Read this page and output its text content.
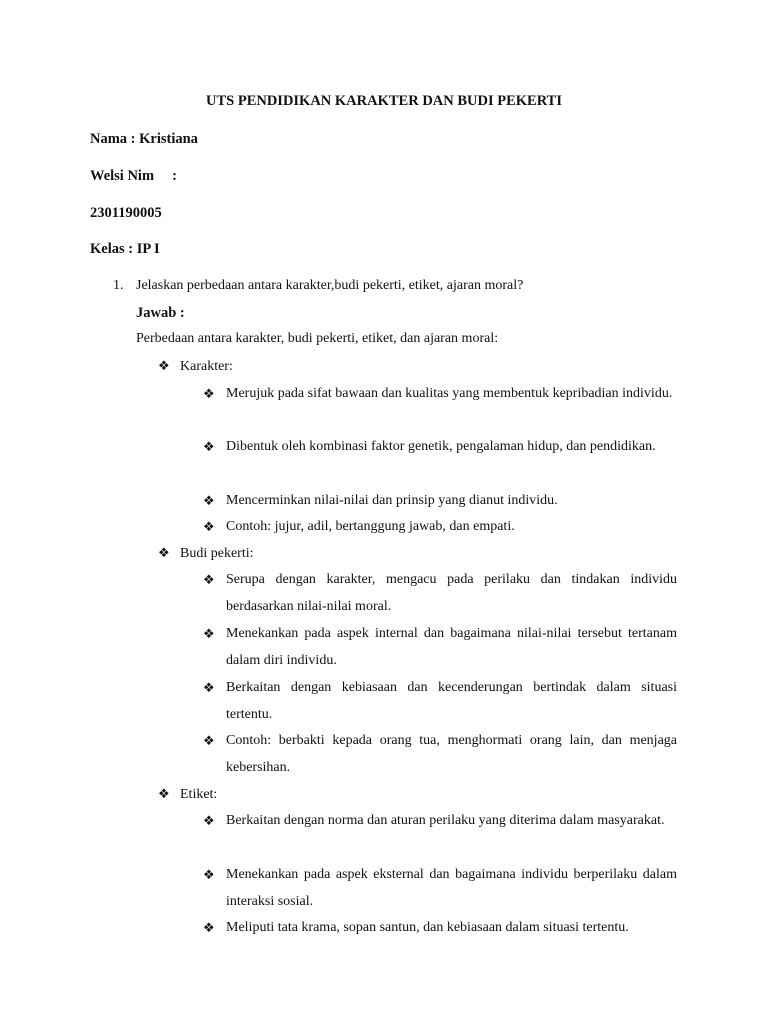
UTS PENDIDIKAN KARAKTER DAN BUDI PEKERTI
Nama : Kristiana
Welsi Nim     :
2301190005
Kelas : IP I
1. Jelaskan perbedaan antara karakter,budi pekerti, etiket, ajaran moral?
Jawab :
Perbedaan antara karakter, budi pekerti, etiket, dan ajaran moral:
❖ Karakter:
❖ Merujuk pada sifat bawaan dan kualitas yang membentuk kepribadian individu.
❖ Dibentuk oleh kombinasi faktor genetik, pengalaman hidup, dan pendidikan.
❖ Mencerminkan nilai-nilai dan prinsip yang dianut individu.
❖ Contoh: jujur, adil, bertanggung jawab, dan empati.
❖ Budi pekerti:
❖ Serupa dengan karakter, mengacu pada perilaku dan tindakan individu berdasarkan nilai-nilai moral.
❖ Menekankan pada aspek internal dan bagaimana nilai-nilai tersebut tertanam dalam diri individu.
❖ Berkaitan dengan kebiasaan dan kecenderungan bertindak dalam situasi tertentu.
❖ Contoh: berbakti kepada orang tua, menghormati orang lain, dan menjaga kebersihan.
❖ Etiket:
❖ Berkaitan dengan norma dan aturan perilaku yang diterima dalam masyarakat.
❖ Menekankan pada aspek eksternal dan bagaimana individu berperilaku dalam interaksi sosial.
❖ Meliputi tata krama, sopan santun, dan kebiasaan dalam situasi tertentu.
